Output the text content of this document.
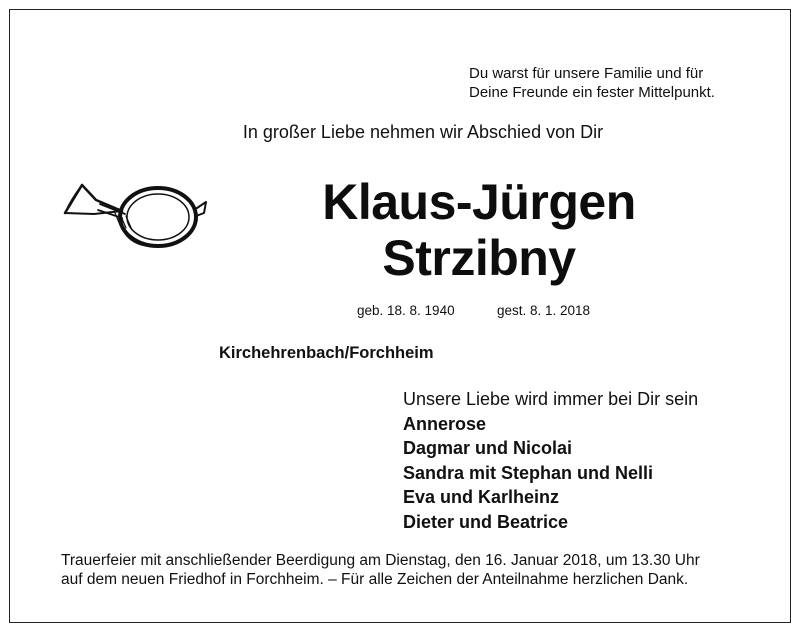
Du warst für unsere Familie und für
Deine Freunde ein fester Mittelpunkt.
In großer Liebe nehmen wir Abschied von Dir
Klaus-Jürgen
Strzibny
geb. 18. 8. 1940	gest. 8. 1. 2018
Kirchehrenbach/Forchheim
Unsere Liebe wird immer bei Dir sein
Annerose
Dagmar und Nicolai
Sandra mit Stephan und Nelli
Eva und Karlheinz
Dieter und Beatrice
Trauerfeier mit anschließender Beerdigung am Dienstag, den 16. Januar 2018, um 13.30 Uhr
auf dem neuen Friedhof in Forchheim. – Für alle Zeichen der Anteilnahme herzlichen Dank.
